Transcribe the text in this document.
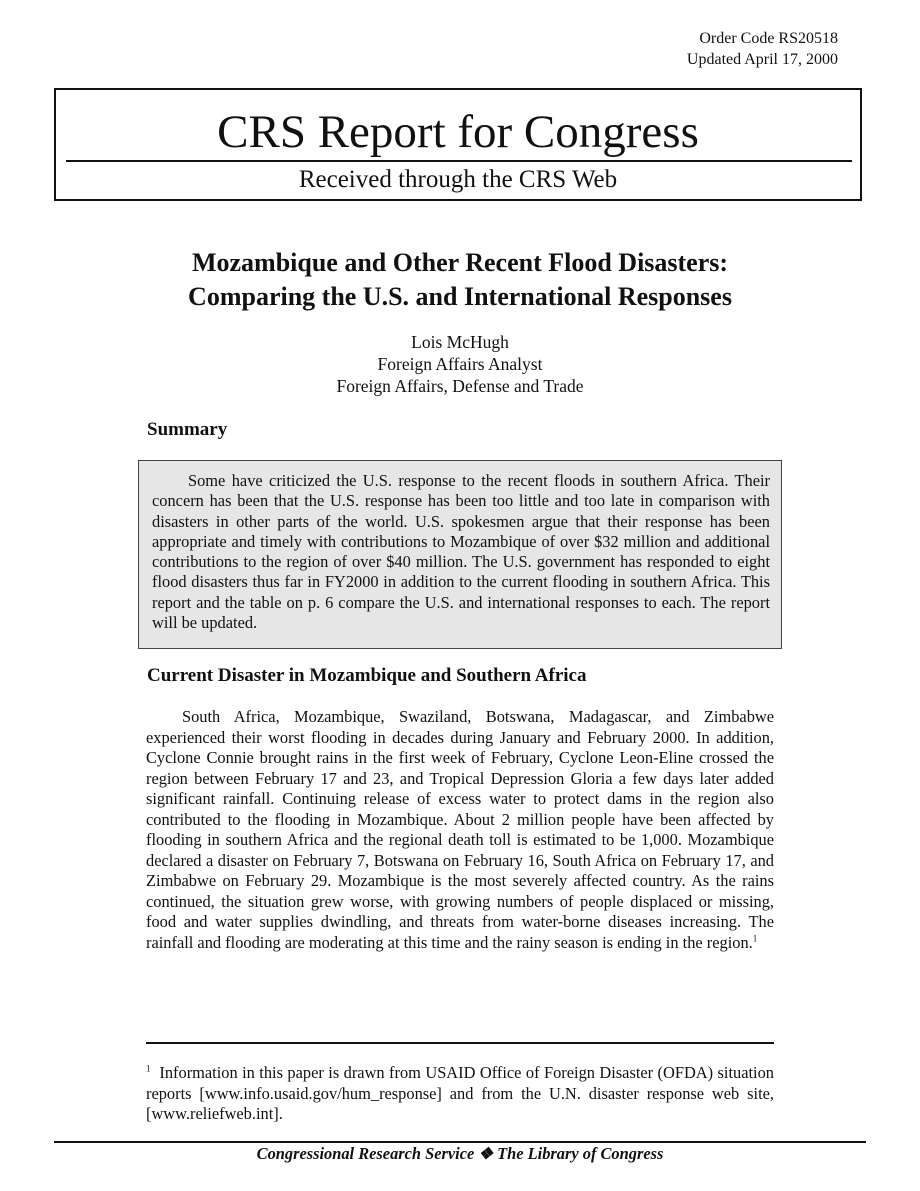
Order Code RS20518
Updated April 17, 2000
CRS Report for Congress
Received through the CRS Web
Mozambique and Other Recent Flood Disasters:
Comparing the U.S. and International Responses
Lois McHugh
Foreign Affairs Analyst
Foreign Affairs, Defense and Trade
Summary
Some have criticized the U.S. response to the recent floods in southern Africa. Their concern has been that the U.S. response has been too little and too late in comparison with disasters in other parts of the world. U.S. spokesmen argue that their response has been appropriate and timely with contributions to Mozambique of over $32 million and additional contributions to the region of over $40 million. The U.S. government has responded to eight flood disasters thus far in FY2000 in addition to the current flooding in southern Africa. This report and the table on p. 6 compare the U.S. and international responses to each. The report will be updated.
Current Disaster in Mozambique and Southern Africa
South Africa, Mozambique, Swaziland, Botswana, Madagascar, and Zimbabwe experienced their worst flooding in decades during January and February 2000. In addition, Cyclone Connie brought rains in the first week of February, Cyclone Leon-Eline crossed the region between February 17 and 23, and Tropical Depression Gloria a few days later added significant rainfall. Continuing release of excess water to protect dams in the region also contributed to the flooding in Mozambique. About 2 million people have been affected by flooding in southern Africa and the regional death toll is estimated to be 1,000. Mozambique declared a disaster on February 7, Botswana on February 16, South Africa on February 17, and Zimbabwe on February 29. Mozambique is the most severely affected country. As the rains continued, the situation grew worse, with growing numbers of people displaced or missing, food and water supplies dwindling, and threats from water-borne diseases increasing. The rainfall and flooding are moderating at this time and the rainy season is ending in the region.$^1$
$^1$ Information in this paper is drawn from USAID Office of Foreign Disaster (OFDA) situation reports [www.info.usaid.gov/hum_response] and from the U.N. disaster response web site, [www.reliefweb.int].
Congressional Research Service ❖ The Library of Congress
